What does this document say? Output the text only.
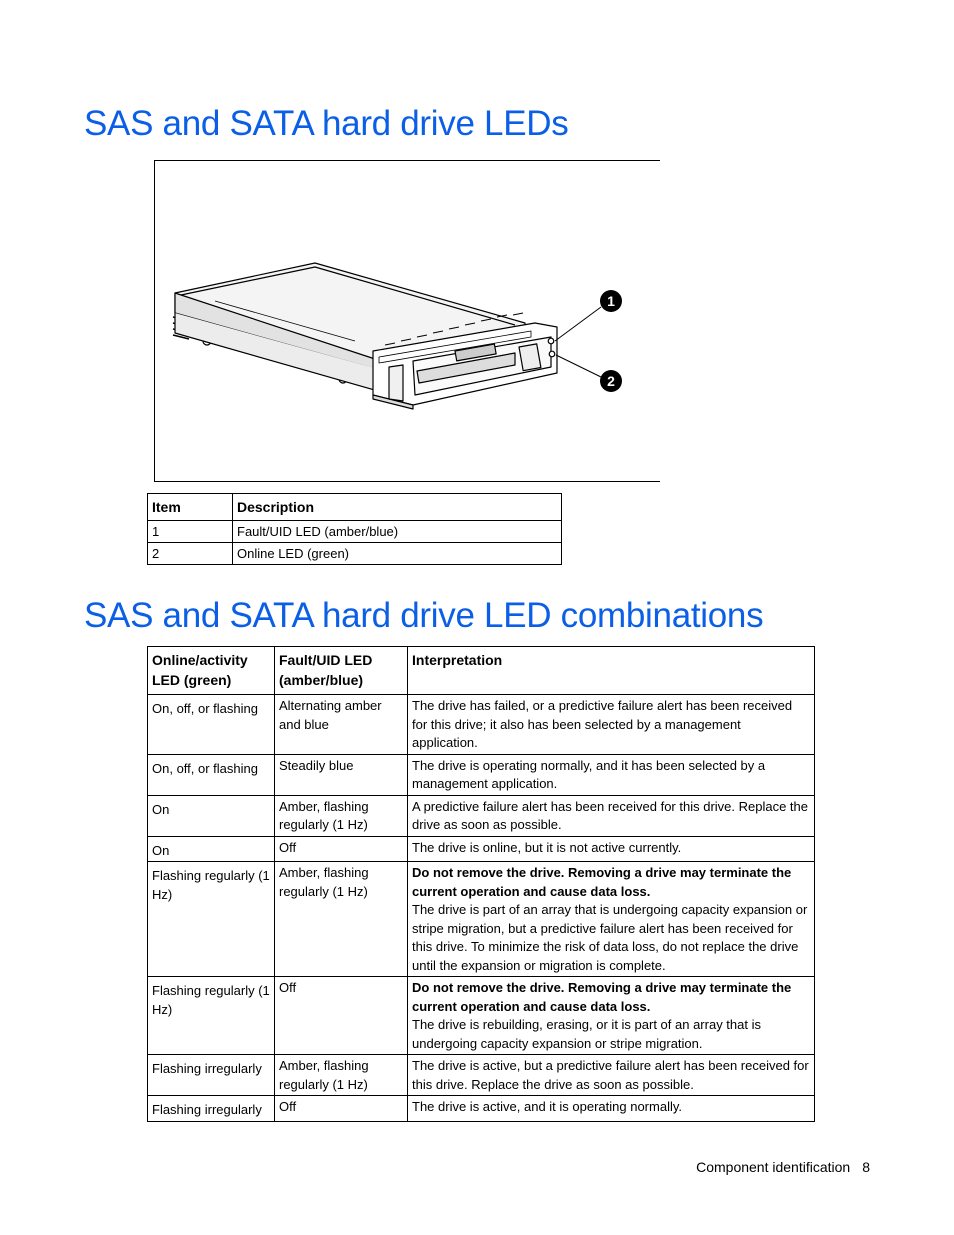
SAS and SATA hard drive LEDs
1
2
Item	Description
1	Fault/UID LED (amber/blue)
2	Online LED (green)
SAS and SATA hard drive LED combinations
Online/activity LED (green)	Fault/UID LED (amber/blue)	Interpretation
On, off, or flashing	Alternating amber and blue	The drive has failed, or a predictive failure alert has been received for this drive; it also has been selected by a management application.

On, off, or flashing	Steadily blue	The drive is operating normally, and it has been selected by a management application.

On	Amber, flashing regularly (1 Hz)	A predictive failure alert has been received for this drive. Replace the drive as soon as possible.

On	Off	The drive is online, but it is not active currently.

Flashing regularly (1 Hz)	Amber, flashing regularly (1 Hz)	Do not remove the drive. Removing a drive may terminate the current operation and cause data loss.
The drive is part of an array that is undergoing capacity expansion or stripe migration, but a predictive failure alert has been received for this drive. To minimize the risk of data loss, do not replace the drive until the expansion or migration is complete.

Flashing regularly (1 Hz)	Off	Do not remove the drive. Removing a drive may terminate the current operation and cause data loss.
The drive is rebuilding, erasing, or it is part of an array that is undergoing capacity expansion or stripe migration.

Flashing irregularly	Amber, flashing regularly (1 Hz)	The drive is active, but a predictive failure alert has been received for this drive. Replace the drive as soon as possible.

Flashing irregularly	Off	The drive is active, and it is operating normally.
Component identification 8
